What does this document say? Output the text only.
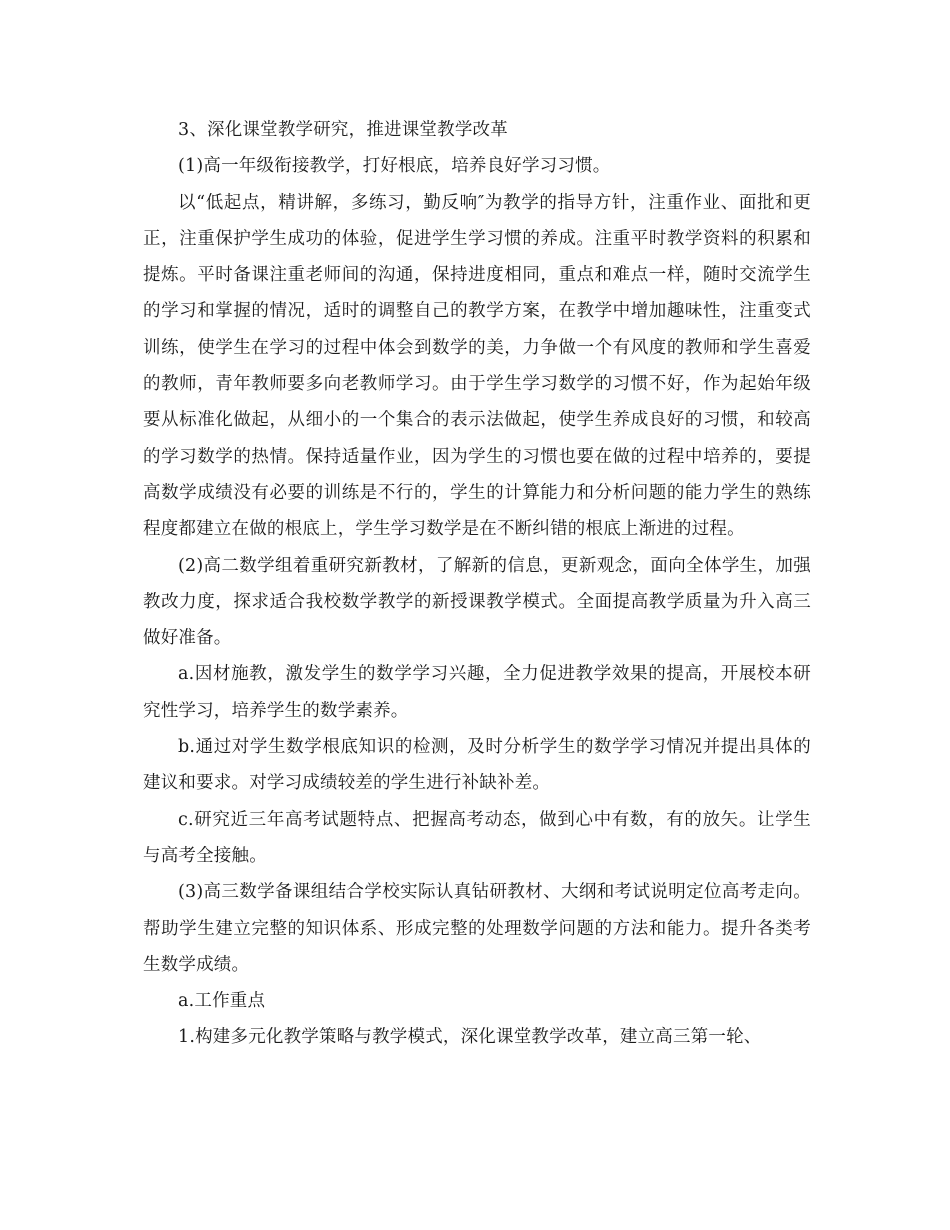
3、深化课堂教学研究，推进课堂教学改革

(1)高一年级衔接教学，打好根底，培养良好学习习惯。

以“低起点，精讲解，多练习，勤反响″为教学的指导方针，注重作业、面批和更正，注重保护学生成功的体验，促进学生学习惯的养成。注重平时教学资料的积累和提炼。平时备课注重老师间的沟通，保持进度相同，重点和难点一样，随时交流学生的学习和掌握的情况，适时的调整自己的教学方案，在教学中增加趣味性，注重变式训练，使学生在学习的过程中体会到数学的美，力争做一个有风度的教师和学生喜爱的教师，青年教师要多向老教师学习。由于学生学习数学的习惯不好，作为起始年级要从标准化做起，从细小的一个集合的表示法做起，使学生养成良好的习惯，和较高的学习数学的热情。保持适量作业，因为学生的习惯也要在做的过程中培养的，要提高数学成绩没有必要的训练是不行的，学生的计算能力和分析问题的能力学生的熟练程度都建立在做的根底上，学生学习数学是在不断纠错的根底上渐进的过程。

(2)高二数学组着重研究新教材，了解新的信息，更新观念，面向全体学生，加强教改力度，探求适合我校数学教学的新授课教学模式。全面提高教学质量为升入高三做好准备。

a.因材施教，激发学生的数学学习兴趣，全力促进教学效果的提高，开展校本研究性学习，培养学生的数学素养。

b.通过对学生数学根底知识的检测，及时分析学生的数学学习情况并提出具体的建议和要求。对学习成绩较差的学生进行补缺补差。

c.研究近三年高考试题特点、把握高考动态，做到心中有数，有的放矢。让学生与高考全接触。

(3)高三数学备课组结合学校实际认真钻研教材、大纲和考试说明定位高考走向。帮助学生建立完整的知识体系、形成完整的处理数学问题的方法和能力。提升各类考生数学成绩。

a.工作重点

1.构建多元化教学策略与教学模式，深化课堂教学改革，建立高三第一轮、
